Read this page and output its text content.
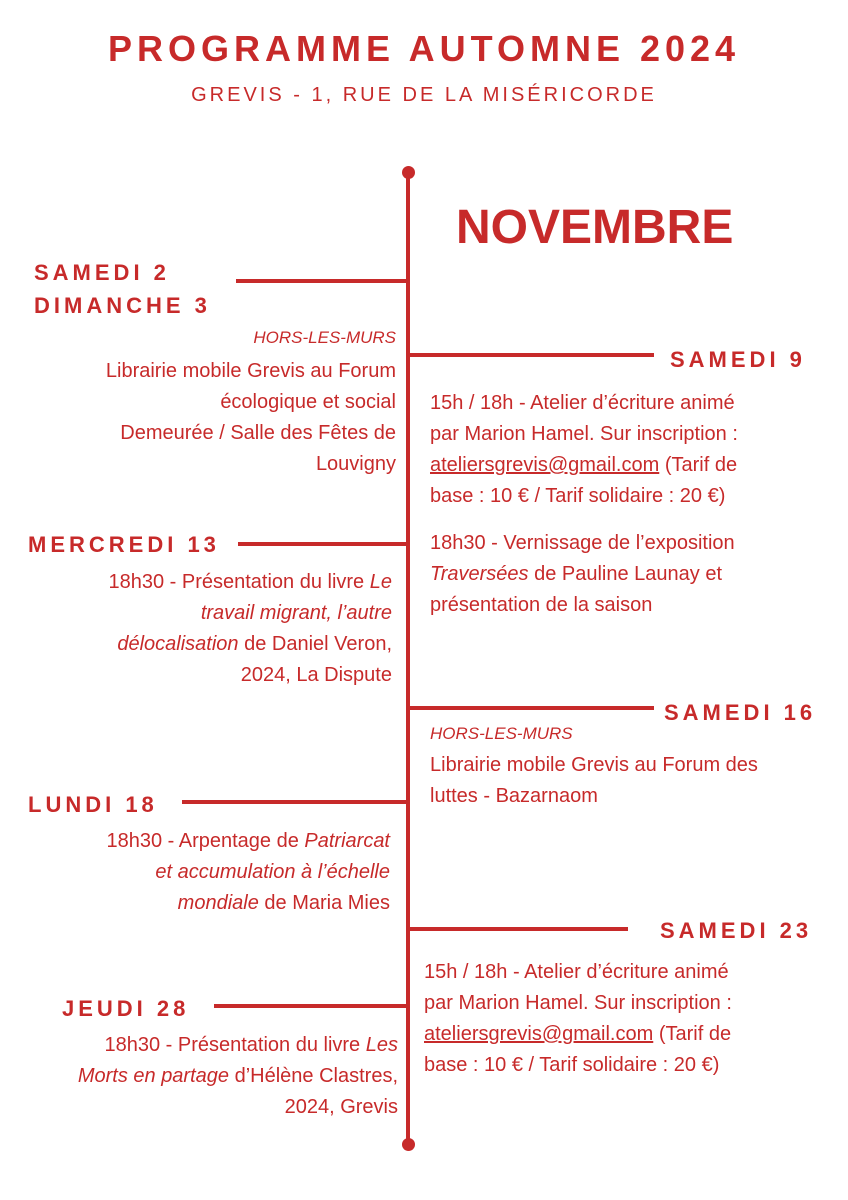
PROGRAMME AUTOMNE 2024
GREVIS - 1, RUE DE LA MISÉRICORDE
NOVEMBRE
SAMEDI 2
DIMANCHE 3
HORS-LES-MURS
Librairie mobile Grevis au Forum
écologique et social
Demeurée / Salle des Fêtes de
Louvigny
MERCREDI 13
18h30 - Présentation du livre Le
travail migrant, l’autre
délocalisation de Daniel Veron,
2024, La Dispute
LUNDI 18
18h30 - Arpentage de Patriarcat
et accumulation à l’échelle
mondiale de Maria Mies
JEUDI 28
18h30 - Présentation du livre Les
Morts en partage d’Hélène Clastres,
2024, Grevis
SAMEDI 9
15h / 18h - Atelier d’écriture animé
par Marion Hamel. Sur inscription :
ateliersgrevis@gmail.com (Tarif de
base : 10 € / Tarif solidaire : 20 €)
18h30 - Vernissage de l’exposition
Traversées de Pauline Launay et
présentation de la saison
SAMEDI 16
HORS-LES-MURS
Librairie mobile Grevis au Forum des
luttes - Bazarnaom
SAMEDI 23
15h / 18h - Atelier d’écriture animé
par Marion Hamel. Sur inscription :
ateliersgrevis@gmail.com (Tarif de
base : 10 € / Tarif solidaire : 20 €)
